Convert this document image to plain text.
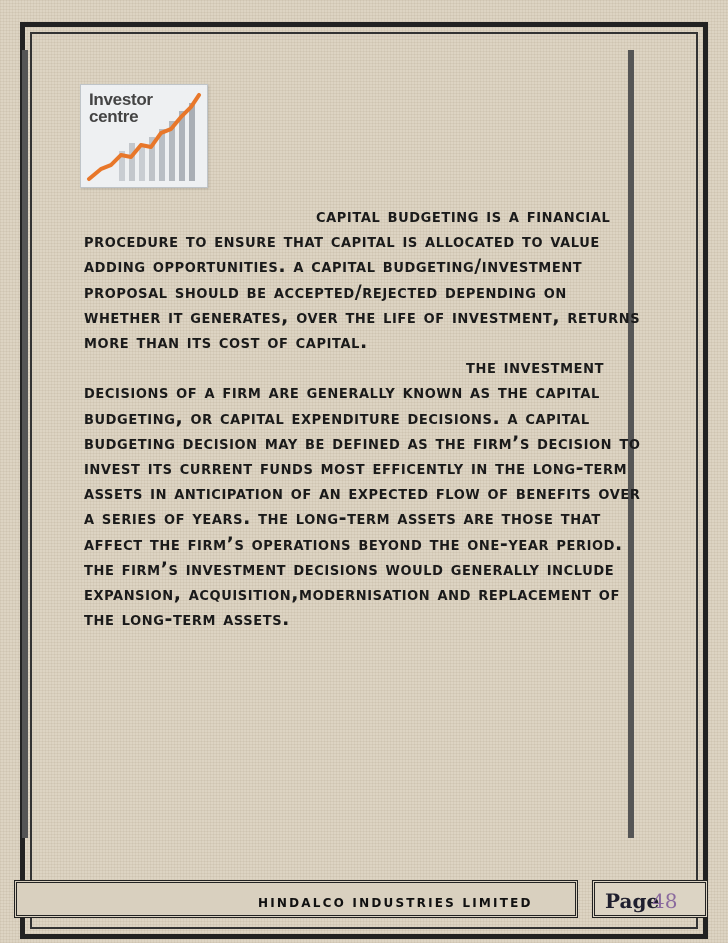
Investor
centre
capital budgeting is a financial procedure to ensure that capital is allocated to value adding opportunities. a capital budgeting/investment proposal should be accepted/rejected depending on whether it generates, over the life of investment, returns more than its cost of capital.
the investment decisions of a firm are generally known as the capital budgeting, or capital expenditure decisions. a capital budgeting decision may be defined as the firm’s decision to invest its current funds most efficently in the long-term assets in anticipation of an expected flow of benefits over a series of years. the long-term assets are those that affect the firm’s operations beyond the one-year period. the firm’s investment decisions would generally include expansion, acquisition,modernisation and replacement of the long-term assets.
HINDALCO INDUSTRIES LIMITED	Page
48
